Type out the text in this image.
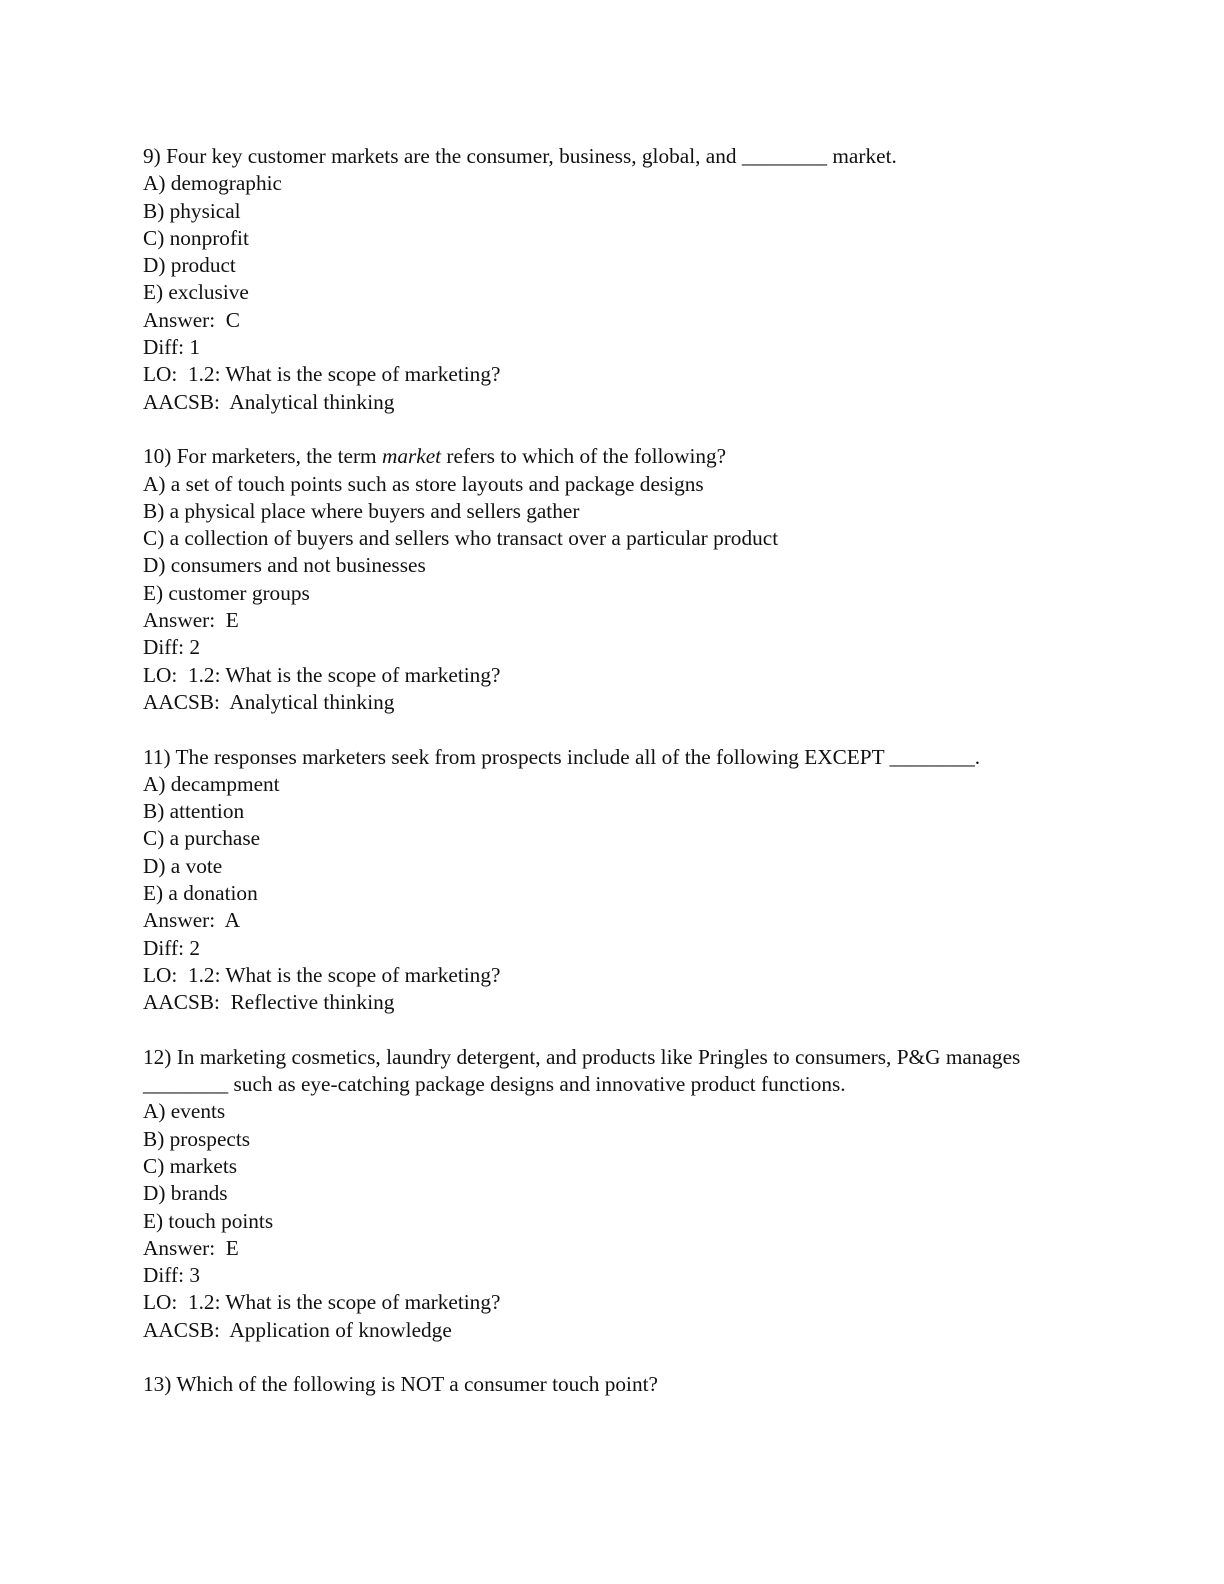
9) Four key customer markets are the consumer, business, global, and ________ market.

A) demographic

B) physical

C) nonprofit

D) product

E) exclusive

Answer:  C

Diff: 1

LO:  1.2: What is the scope of marketing?

AACSB:  Analytical thinking

10) For marketers, the term market refers to which of the following?

A) a set of touch points such as store layouts and package designs

B) a physical place where buyers and sellers gather

C) a collection of buyers and sellers who transact over a particular product

D) consumers and not businesses

E) customer groups

Answer:  E

Diff: 2

LO:  1.2: What is the scope of marketing?

AACSB:  Analytical thinking

11) The responses marketers seek from prospects include all of the following EXCEPT ________.

A) decampment

B) attention

C) a purchase

D) a vote

E) a donation

Answer:  A

Diff: 2

LO:  1.2: What is the scope of marketing?

AACSB:  Reflective thinking

12) In marketing cosmetics, laundry detergent, and products like Pringles to consumers, P&G manages ________ such as eye-catching package designs and innovative product functions.

A) events

B) prospects

C) markets

D) brands

E) touch points

Answer:  E

Diff: 3

LO:  1.2: What is the scope of marketing?

AACSB:  Application of knowledge

13) Which of the following is NOT a consumer touch point?
